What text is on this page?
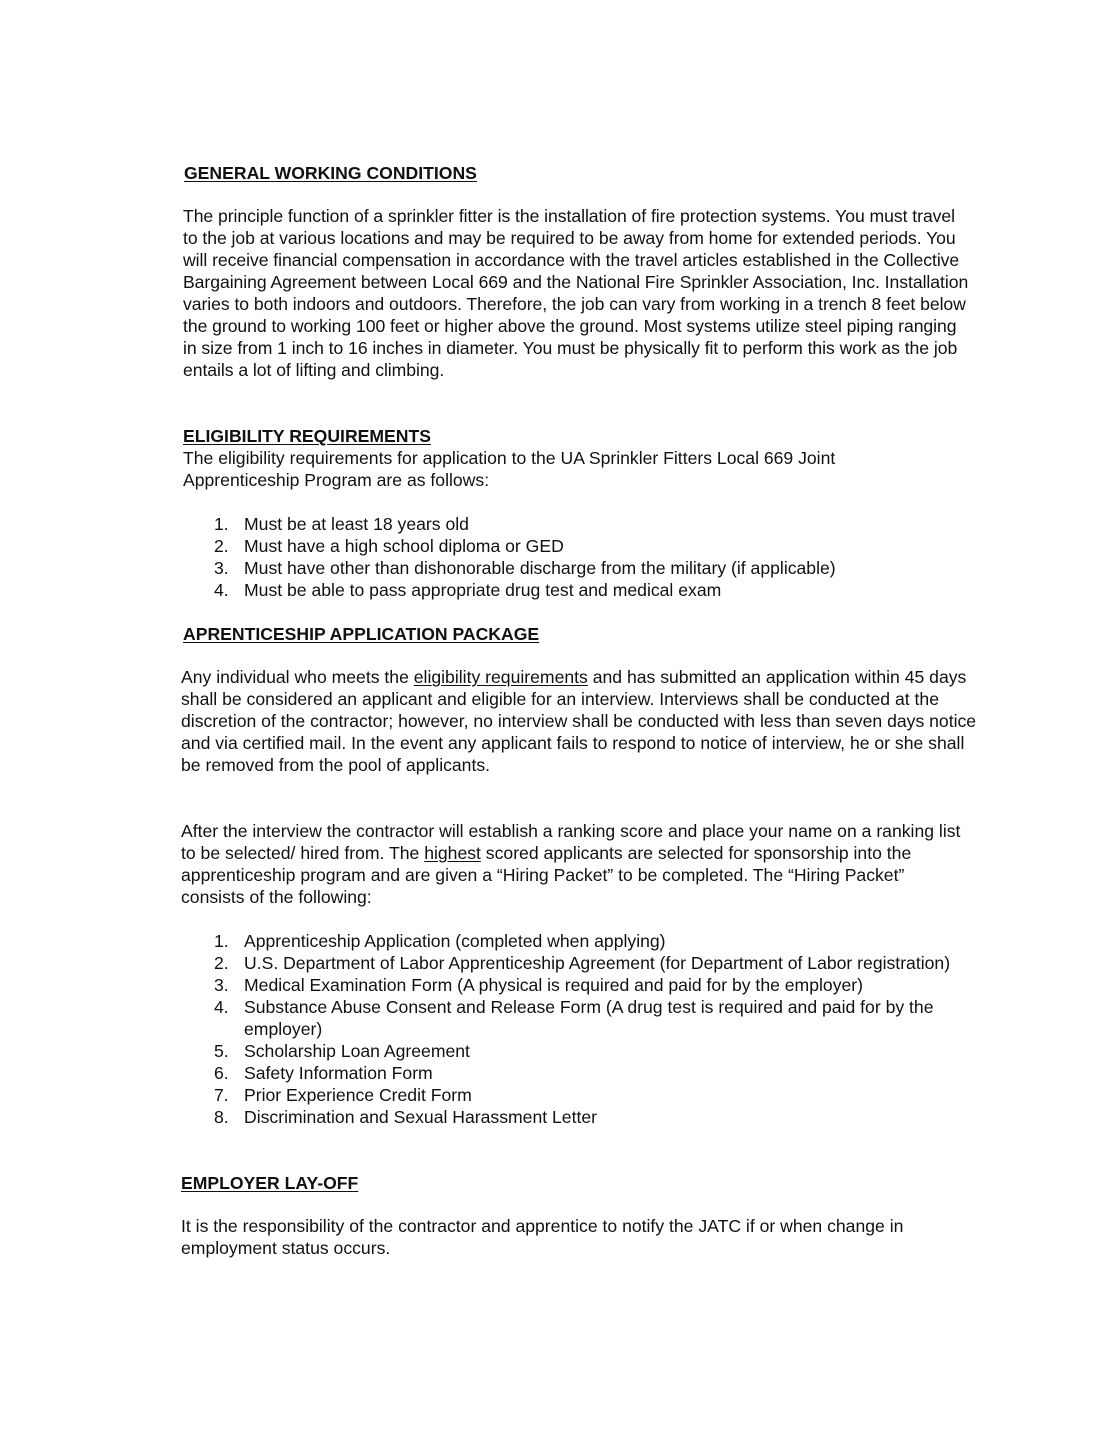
GENERAL WORKING CONDITIONS

The principle function of a sprinkler fitter is the installation of fire protection systems. You must travel to the job at various locations and may be required to be away from home for extended periods. You will receive financial compensation in accordance with the travel articles established in the Collective Bargaining Agreement between Local 669 and the National Fire Sprinkler Association, Inc. Installation varies to both indoors and outdoors. Therefore, the job can vary from working in a trench 8 feet below the ground to working 100 feet or higher above the ground. Most systems utilize steel piping ranging in size from 1 inch to 16 inches in diameter. You must be physically fit to perform this work as the job entails a lot of lifting and climbing.

ELIGIBILITY REQUIREMENTS

The eligibility requirements for application to the UA Sprinkler Fitters Local 669 Joint Apprenticeship Program are as follows:

1. Must be at least 18 years old
2. Must have a high school diploma or GED
3. Must have other than dishonorable discharge from the military (if applicable)
4. Must be able to pass appropriate drug test and medical exam
APRENTICESHIP APPLICATION PACKAGE

Any individual who meets the eligibility requirements and has submitted an application within 45 days shall be considered an applicant and eligible for an interview. Interviews shall be conducted at the discretion of the contractor; however, no interview shall be conducted with less than seven days notice and via certified mail. In the event any applicant fails to respond to notice of interview, he or she shall be removed from the pool of applicants.

After the interview the contractor will establish a ranking score and place your name on a ranking list to be selected/ hired from. The highest scored applicants are selected for sponsorship into the apprenticeship program and are given a “Hiring Packet” to be completed. The “Hiring Packet” consists of the following:

1. Apprenticeship Application (completed when applying)
2. U.S. Department of Labor Apprenticeship Agreement (for Department of Labor registration)
3. Medical Examination Form (A physical is required and paid for by the employer)
4. Substance Abuse Consent and Release Form (A drug test is required and paid for by the employer)
5. Scholarship Loan Agreement
6. Safety Information Form
7. Prior Experience Credit Form
8. Discrimination and Sexual Harassment Letter
EMPLOYER LAY-OFF

It is the responsibility of the contractor and apprentice to notify the JATC if or when change in employment status occurs.
